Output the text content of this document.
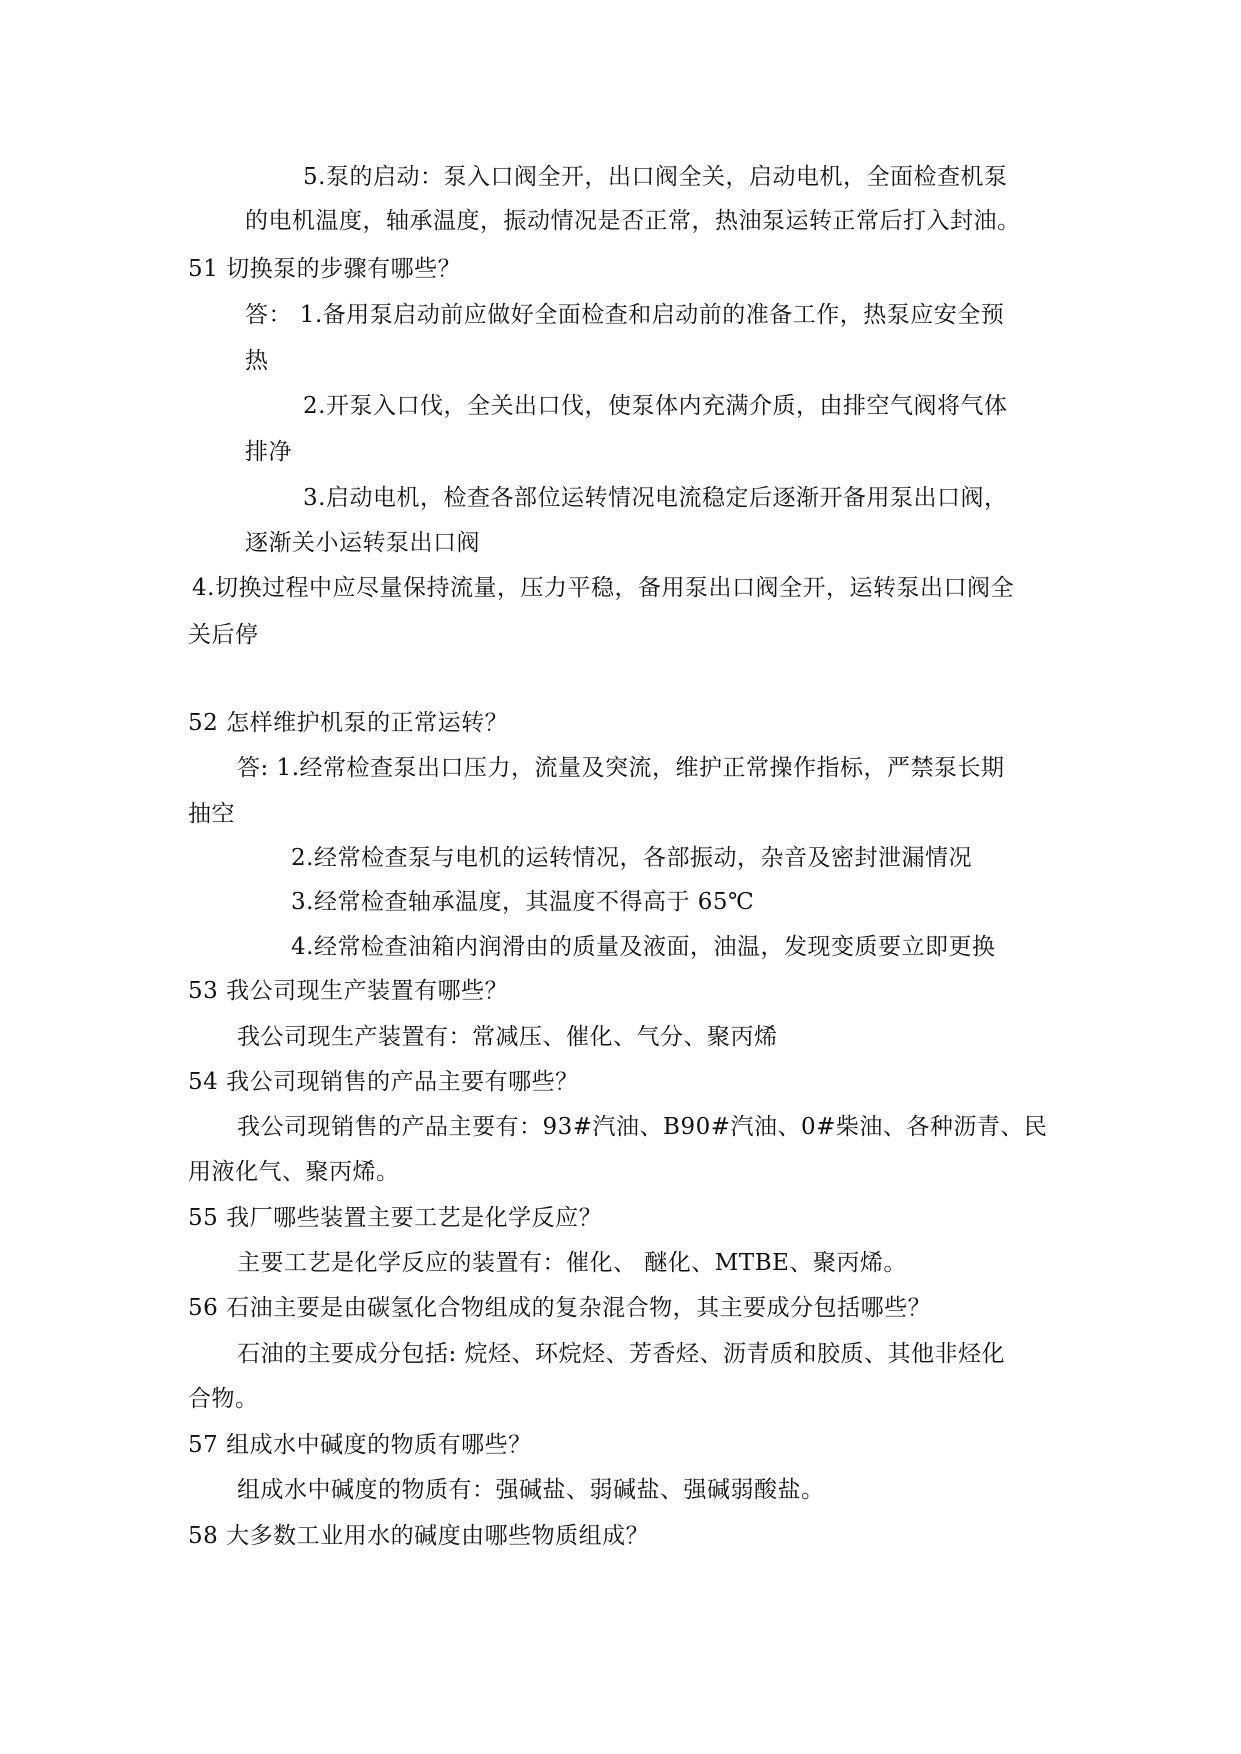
5.泵的启动：泵入口阀全开，出口阀全关，启动电机，全面检查机泵
的电机温度，轴承温度，振动情况是否正常，热油泵运转正常后打入封油。
51 切换泵的步骤有哪些？
答： 1.备用泵启动前应做好全面检查和启动前的准备工作，热泵应安全预
热
2.开泵入口伐，全关出口伐，使泵体内充满介质，由排空气阀将气体
排净
3.启动电机，检查各部位运转情况电流稳定后逐渐开备用泵出口阀，
逐渐关小运转泵出口阀
4.切换过程中应尽量保持流量，压力平稳，备用泵出口阀全开，运转泵出口阀全
关后停
52 怎样维护机泵的正常运转？
答: 1.经常检查泵出口压力，流量及突流，维护正常操作指标，严禁泵长期
抽空
2.经常检查泵与电机的运转情况，各部振动，杂音及密封泄漏情况
3.经常检查轴承温度，其温度不得高于 65℃
4.经常检查油箱内润滑由的质量及液面，油温，发现变质要立即更换
53 我公司现生产装置有哪些？
我公司现生产装置有：常减压、催化、气分、聚丙烯
54 我公司现销售的产品主要有哪些？
我公司现销售的产品主要有：93#汽油、B90#汽油、0#柴油、各种沥青、民
用液化气、聚丙烯。
55 我厂哪些装置主要工艺是化学反应？
主要工艺是化学反应的装置有：催化、 醚化、MTBE、聚丙烯。
56 石油主要是由碳氢化合物组成的复杂混合物，其主要成分包括哪些？
石油的主要成分包括: 烷烃、环烷烃、芳香烃、沥青质和胶质、其他非烃化
合物。
57 组成水中碱度的物质有哪些？
组成水中碱度的物质有：强碱盐、弱碱盐、强碱弱酸盐。
58 大多数工业用水的碱度由哪些物质组成？
